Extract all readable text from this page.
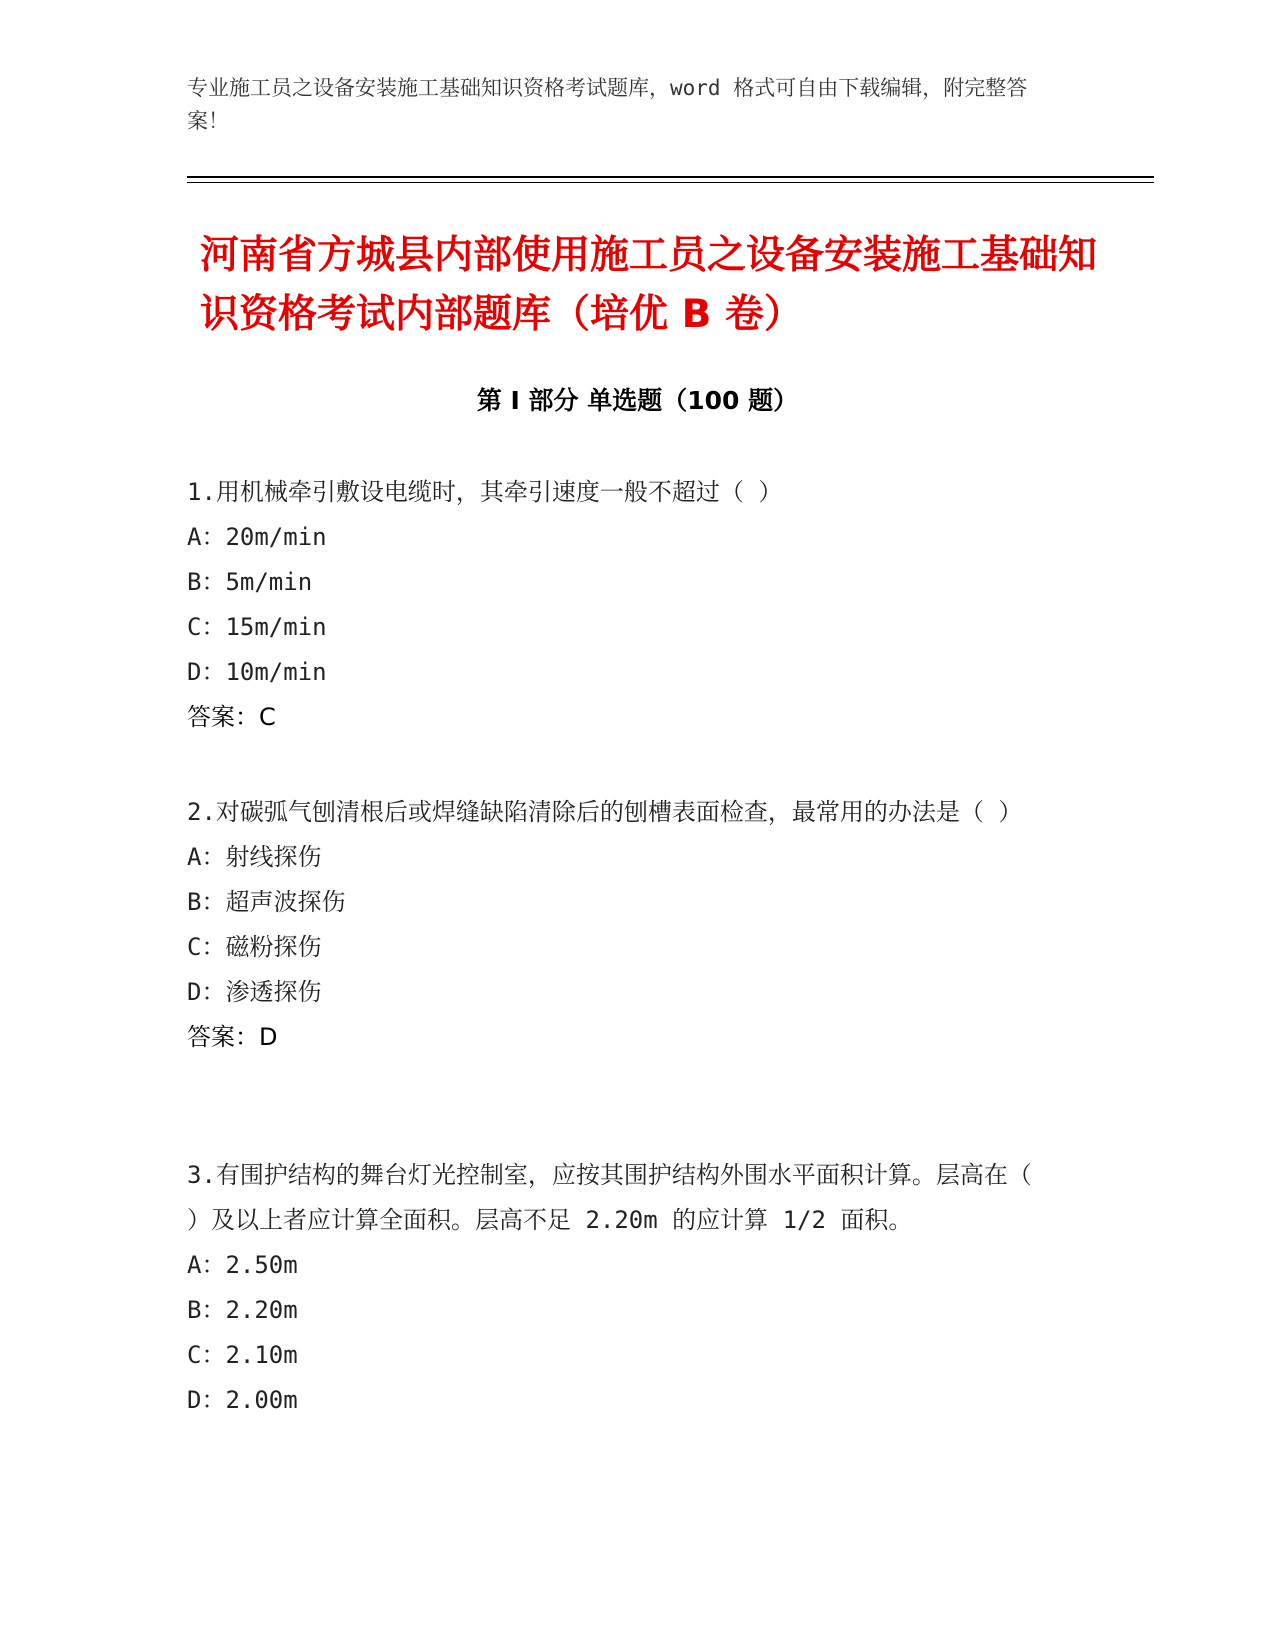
专业施工员之设备安装施工基础知识资格考试题库，word 格式可自由下载编辑，附完整答案！

河南省方城县内部使用施工员之设备安装施工基础知识资格考试内部题库（培优 B 卷）
第 I 部分 单选题（100 题）

1.用机械牵引敷设电缆时，其牵引速度一般不超过（ ）

A：20m/min

B：5m/min

C：15m/min

D：10m/min

答案：C

2.对碳弧气刨清根后或焊缝缺陷清除后的刨槽表面检查，最常用的办法是（ ）

A：射线探伤

B：超声波探伤

C：磁粉探伤

D：渗透探伤

答案：D

3.有围护结构的舞台灯光控制室，应按其围护结构外围水平面积计算。层高在（ ）及以上者应计算全面积。层高不足 2.20m 的应计算 1/2 面积。

A：2.50m

B：2.20m

C：2.10m

D：2.00m
